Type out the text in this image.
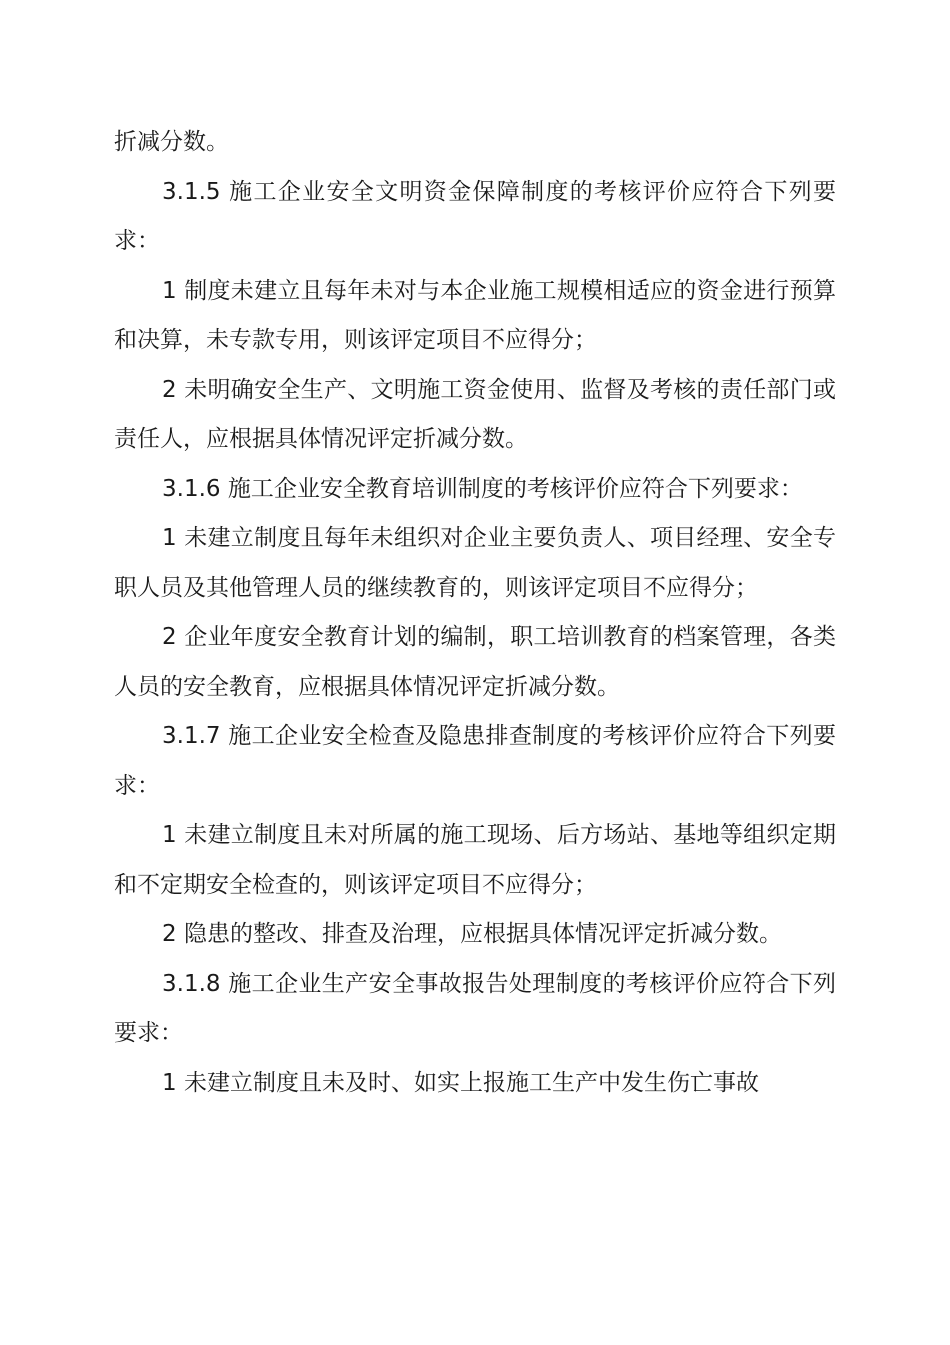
折减分数。

3.1.5 施工企业安全文明资金保障制度的考核评价应符合下列要求：

1 制度未建立且每年未对与本企业施工规模相适应的资金进行预算和决算，未专款专用，则该评定项目不应得分；

2 未明确安全生产、文明施工资金使用、监督及考核的责任部门或责任人，应根据具体情况评定折减分数。

3.1.6 施工企业安全教育培训制度的考核评价应符合下列要求：

1 未建立制度且每年未组织对企业主要负责人、项目经理、安全专职人员及其他管理人员的继续教育的，则该评定项目不应得分；

2 企业年度安全教育计划的编制，职工培训教育的档案管理，各类人员的安全教育，应根据具体情况评定折减分数。

3.1.7 施工企业安全检查及隐患排查制度的考核评价应符合下列要求：

1 未建立制度且未对所属的施工现场、后方场站、基地等组织定期和不定期安全检查的，则该评定项目不应得分；

2 隐患的整改、排查及治理，应根据具体情况评定折减分数。

3.1.8 施工企业生产安全事故报告处理制度的考核评价应符合下列要求：

1 未建立制度且未及时、如实上报施工生产中发生伤亡事故
